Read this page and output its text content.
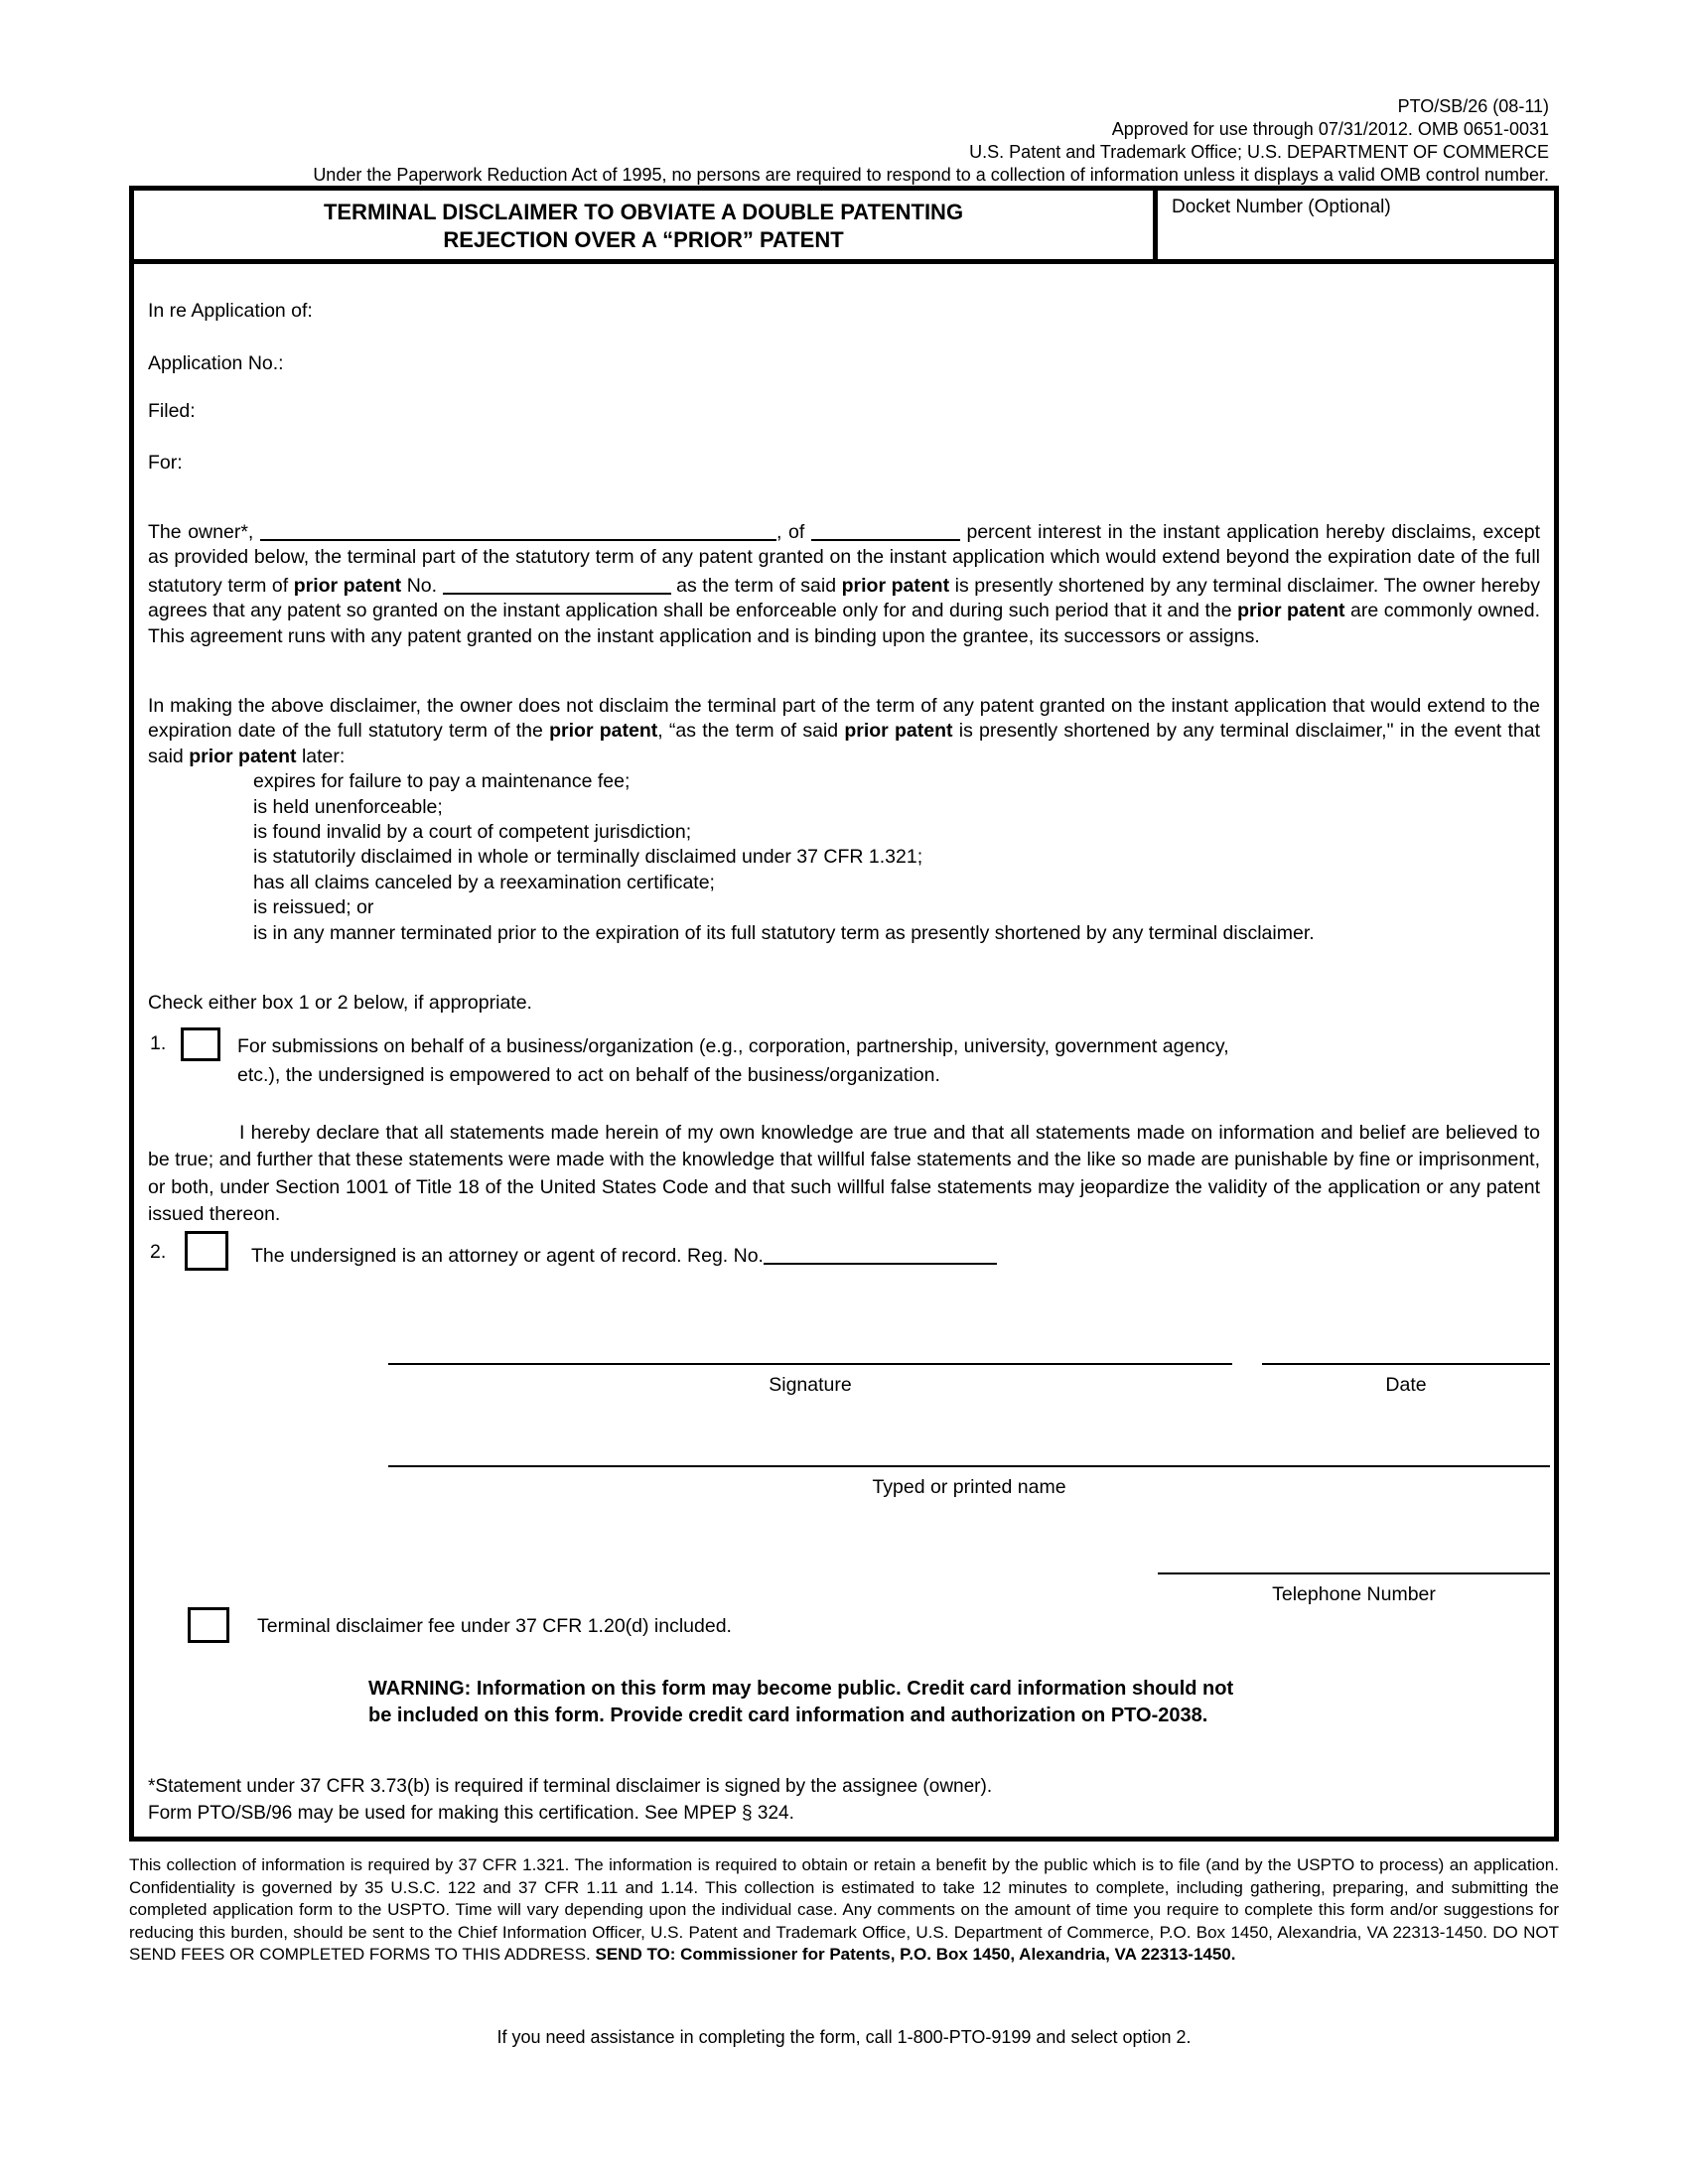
PTO/SB/26 (08-11)
Approved for use through 07/31/2012. OMB 0651-0031
U.S. Patent and Trademark Office; U.S. DEPARTMENT OF COMMERCE
Under the Paperwork Reduction Act of 1995, no persons are required to respond to a collection of information unless it displays a valid OMB control number.
TERMINAL DISCLAIMER TO OBVIATE A DOUBLE PATENTING
REJECTION OVER A “PRIOR” PATENT
Docket Number (Optional)
In re Application of:
Application No.:
Filed:
For:
The owner*,	, of	percent interest in the instant application hereby disclaims, except as provided below, the terminal part of the statutory term of any patent granted on the instant application which would extend beyond the expiration date of the full statutory term of prior patent No.	as the term of said prior patent is presently shortened by any terminal disclaimer. The owner hereby agrees that any patent so granted on the instant application shall be enforceable only for and during such period that it and the prior patent are commonly owned. This agreement runs with any patent granted on the instant application and is binding upon the grantee, its successors or assigns.
In making the above disclaimer, the owner does not disclaim the terminal part of the term of any patent granted on the instant application that would extend to the expiration date of the full statutory term of the prior patent, “as the term of said prior patent is presently shortened by any terminal disclaimer," in the event that said prior patent later:
expires for failure to pay a maintenance fee;
is held unenforceable;
is found invalid by a court of competent jurisdiction;
is statutorily disclaimed in whole or terminally disclaimed under 37 CFR 1.321;
has all claims canceled by a reexamination certificate;
is reissued; or
is in any manner terminated prior to the expiration of its full statutory term as presently shortened by any terminal disclaimer.
Check either box 1 or 2 below, if appropriate.
1.	For submissions on behalf of a business/organization (e.g., corporation, partnership, university, government agency,
etc.), the undersigned is empowered to act on behalf of the business/organization.
I hereby declare that all statements made herein of my own knowledge are true and that all statements made on information and belief are believed to be true; and further that these statements were made with the knowledge that willful false statements and the like so made are punishable by fine or imprisonment, or both, under Section 1001 of Title 18 of the United States Code and that such willful false statements may jeopardize the validity of the application or any patent issued thereon.
2.	The undersigned is an attorney or agent of record. Reg. No.
Signature	Date
Typed or printed name
Telephone Number
Terminal disclaimer fee under 37 CFR 1.20(d) included.
WARNING: Information on this form may become public. Credit card information should not
be included on this form. Provide credit card information and authorization on PTO-2038.
*Statement under 37 CFR 3.73(b) is required if terminal disclaimer is signed by the assignee (owner).
Form PTO/SB/96 may be used for making this certification. See MPEP § 324.
This collection of information is required by 37 CFR 1.321. The information is required to obtain or retain a benefit by the public which is to file (and by the USPTO to process) an application. Confidentiality is governed by 35 U.S.C. 122 and 37 CFR 1.11 and 1.14. This collection is estimated to take 12 minutes to complete, including gathering, preparing, and submitting the completed application form to the USPTO. Time will vary depending upon the individual case. Any comments on the amount of time you require to complete this form and/or suggestions for reducing this burden, should be sent to the Chief Information Officer, U.S. Patent and Trademark Office, U.S. Department of Commerce, P.O. Box 1450, Alexandria, VA 22313-1450. DO NOT SEND FEES OR COMPLETED FORMS TO THIS ADDRESS. SEND TO: Commissioner for Patents, P.O. Box 1450, Alexandria, VA 22313-1450.
If you need assistance in completing the form, call 1-800-PTO-9199 and select option 2.
